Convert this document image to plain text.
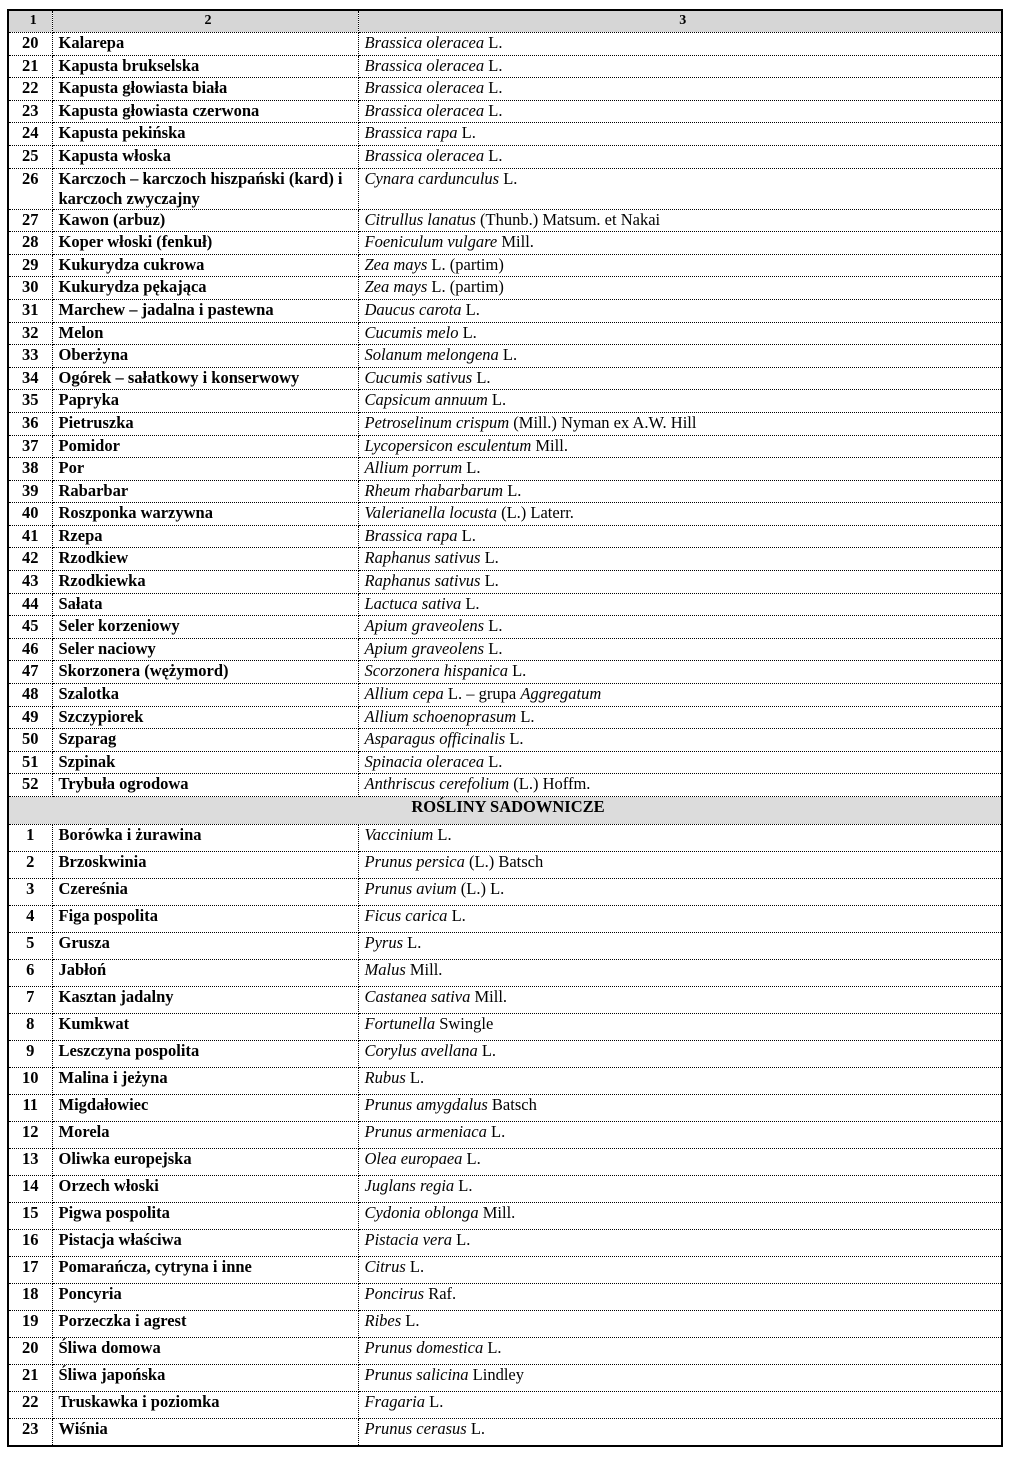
1	2	3
20	Kalarepa	Brassica oleracea L.
21	Kapusta brukselska	Brassica oleracea L.
22	Kapusta głowiasta biała	Brassica oleracea L.
23	Kapusta głowiasta czerwona	Brassica oleracea L.
24	Kapusta pekińska	Brassica rapa L.
25	Kapusta włoska	Brassica oleracea L.
26	Karczoch – karczoch hiszpański (kard) i karczoch zwyczajny	Cynara cardunculus L.
27	Kawon (arbuz)	Citrullus lanatus (Thunb.) Matsum. et Nakai
28	Koper włoski (fenkuł)	Foeniculum vulgare Mill.
29	Kukurydza cukrowa	Zea mays L. (partim)
30	Kukurydza pękająca	Zea mays L. (partim)
31	Marchew – jadalna i pastewna	Daucus carota L.
32	Melon	Cucumis melo L.
33	Oberżyna	Solanum melongena L.
34	Ogórek – sałatkowy i konserwowy	Cucumis sativus L.
35	Papryka	Capsicum annuum L.
36	Pietruszka	Petroselinum crispum (Mill.) Nyman ex A.W. Hill
37	Pomidor	Lycopersicon esculentum Mill.
38	Por	Allium porrum L.
39	Rabarbar	Rheum rhabarbarum L.
40	Roszponka warzywna	Valerianella locusta (L.) Laterr.
41	Rzepa	Brassica rapa L.
42	Rzodkiew	Raphanus sativus L.
43	Rzodkiewka	Raphanus sativus L.
44	Sałata	Lactuca sativa L.
45	Seler korzeniowy	Apium graveolens L.
46	Seler naciowy	Apium graveolens L.
47	Skorzonera (wężymord)	Scorzonera hispanica L.
48	Szalotka	Allium cepa L. – grupa Aggregatum
49	Szczypiorek	Allium schoenoprasum L.
50	Szparag	Asparagus officinalis L.
51	Szpinak	Spinacia oleracea L.
52	Trybuła ogrodowa	Anthriscus cerefolium (L.) Hoffm.
ROŚLINY SADOWNICZE		
1	Borówka i żurawina	Vaccinium L.
2	Brzoskwinia	Prunus persica (L.) Batsch
3	Czereśnia	Prunus avium (L.) L.
4	Figa pospolita	Ficus carica L.
5	Grusza	Pyrus L.
6	Jabłoń	Malus Mill.
7	Kasztan jadalny	Castanea sativa Mill.
8	Kumkwat	Fortunella Swingle
9	Leszczyna pospolita	Corylus avellana L.
10	Malina i jeżyna	Rubus L.
11	Migdałowiec	Prunus amygdalus Batsch
12	Morela	Prunus armeniaca L.
13	Oliwka europejska	Olea europaea L.
14	Orzech włoski	Juglans regia L.
15	Pigwa pospolita	Cydonia oblonga Mill.
16	Pistacja właściwa	Pistacia vera L.
17	Pomarańcza, cytryna i inne	Citrus L.
18	Poncyria	Poncirus Raf.
19	Porzeczka i agrest	Ribes L.
20	Śliwa domowa	Prunus domestica L.
21	Śliwa japońska	Prunus salicina Lindley
22	Truskawka i poziomka	Fragaria L.
23	Wiśnia	Prunus cerasus L.
